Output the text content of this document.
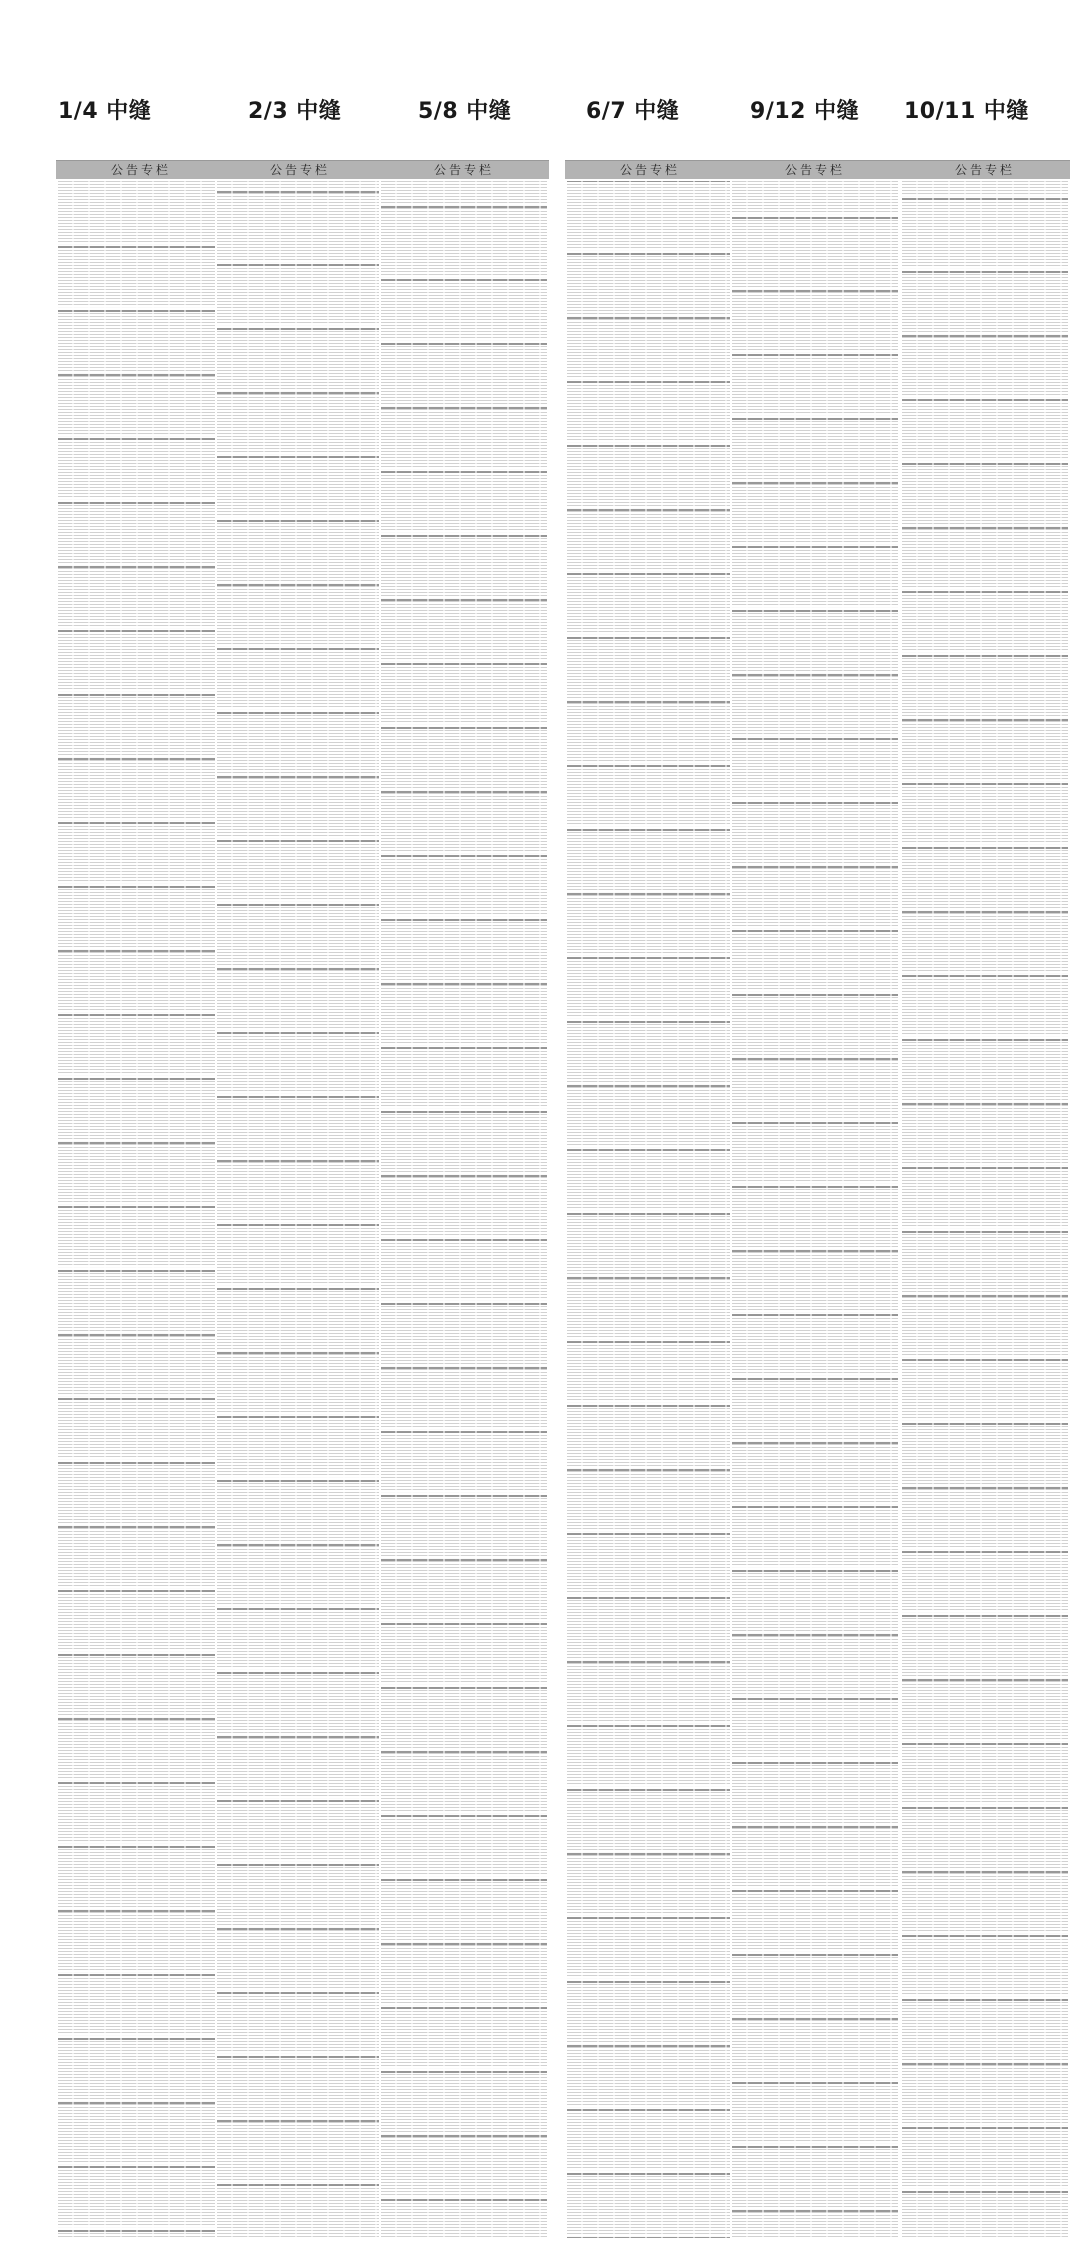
1/4 中缝	2/3 中缝	5/8 中缝	6/7 中缝	9/12 中缝 10/11 中缝
公告专栏	公告专栏	公告专栏	公告专栏	公告专栏	公告专栏
